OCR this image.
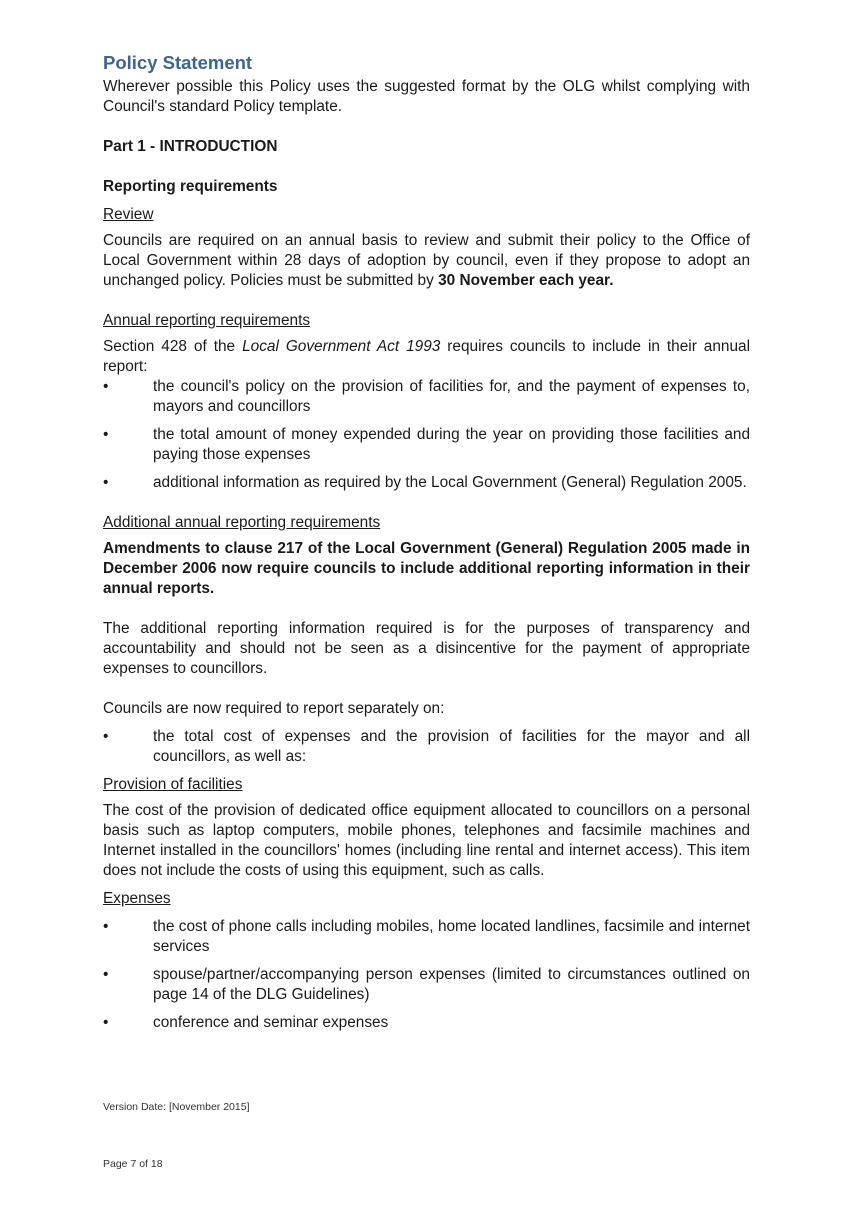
Policy Statement

Wherever possible this Policy uses the suggested format by the OLG whilst complying with Council's standard Policy template.

Part 1 - INTRODUCTION
Reporting requirements
Review

Councils are required on an annual basis to review and submit their policy to the Office of Local Government within 28 days of adoption by council, even if they propose to adopt an unchanged policy. Policies must be submitted by 30 November each year.

Annual reporting requirements

Section 428 of the Local Government Act 1993 requires councils to include in their annual report:

• the council's policy on the provision of facilities for, and the payment of expenses to, mayors and councillors
• the total amount of money expended during the year on providing those facilities and paying those expenses
• additional information as required by the Local Government (General) Regulation 2005.
Additional annual reporting requirements

Amendments to clause 217 of the Local Government (General) Regulation 2005 made in December 2006 now require councils to include additional reporting information in their annual reports.

The additional reporting information required is for the purposes of transparency and accountability and should not be seen as a disincentive for the payment of appropriate expenses to councillors.

Councils are now required to report separately on:

• the total cost of expenses and the provision of facilities for the mayor and all councillors, as well as:
Provision of facilities

The cost of the provision of dedicated office equipment allocated to councillors on a personal basis such as laptop computers, mobile phones, telephones and facsimile machines and Internet installed in the councillors' homes (including line rental and internet access). This item does not include the costs of using this equipment, such as calls.

Expenses
• the cost of phone calls including mobiles, home located landlines, facsimile and internet services
• spouse/partner/accompanying person expenses (limited to circumstances outlined on page 14 of the DLG Guidelines)
• conference and seminar expenses
Version Date: [November 2015]
Page 7 of 18
